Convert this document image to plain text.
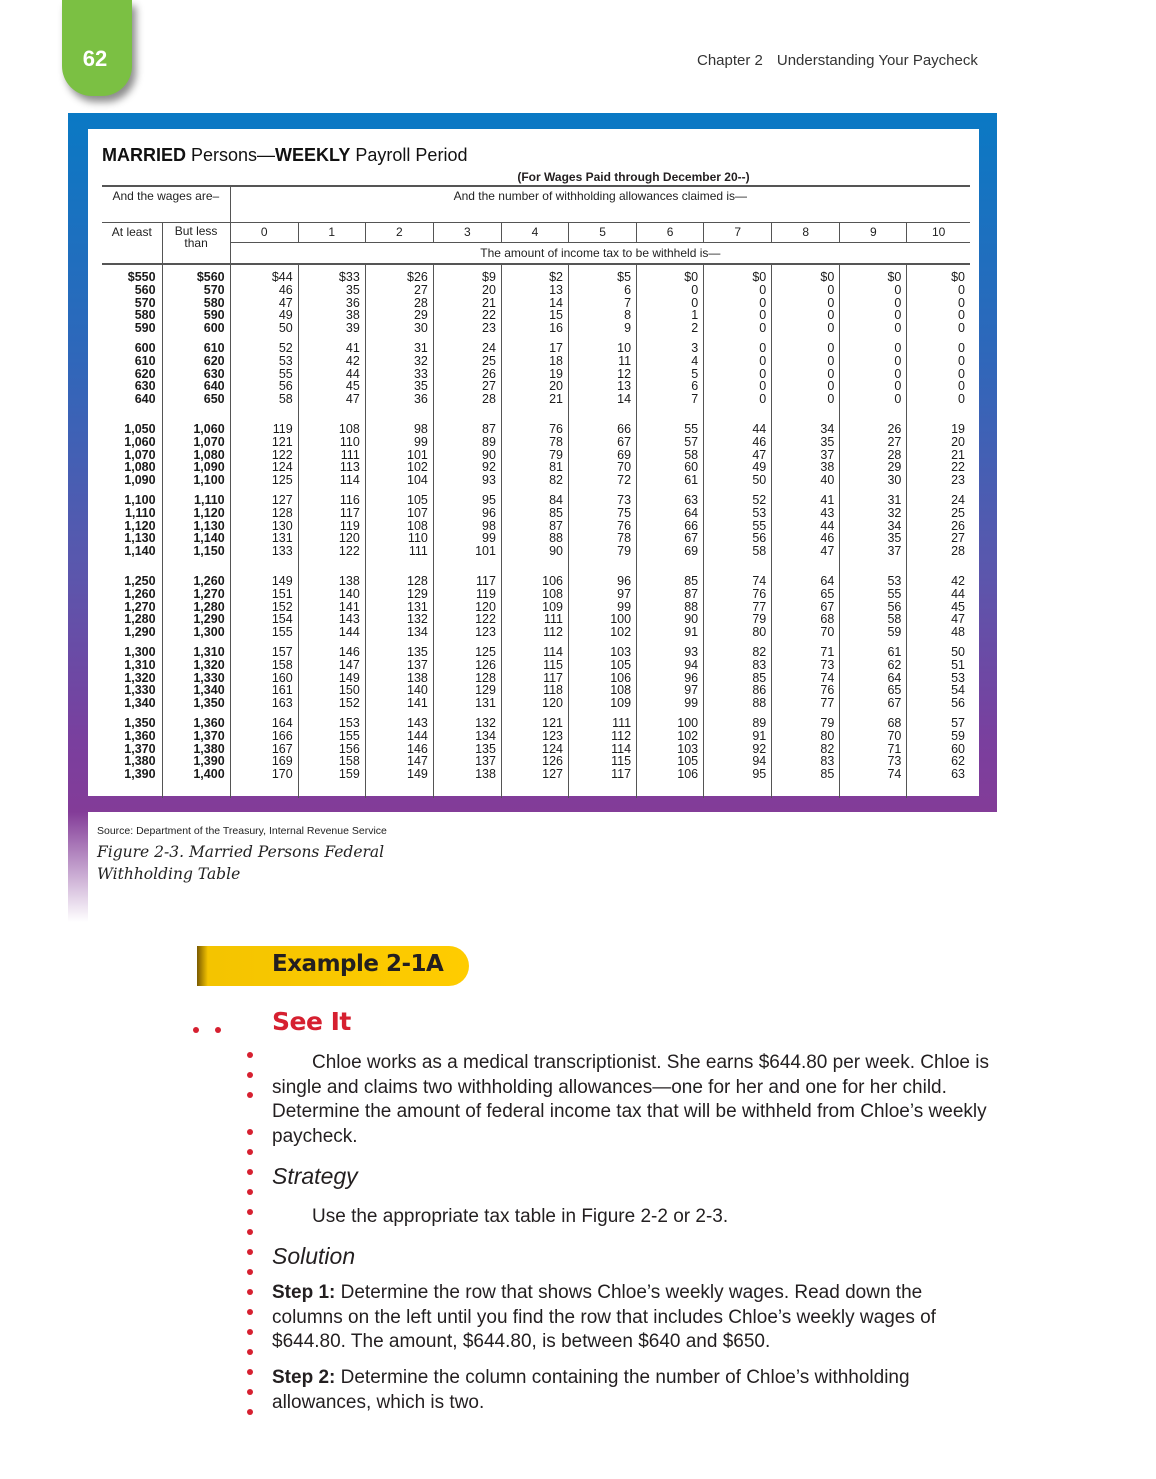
62	Chapter 2 Understanding Your Paycheck
MARRIED Persons—WEEKLY Payroll Period
(For Wages Paid through December 20--)
And the wages are–		And the number of withholding allowances claimed is—										
At least	But less than	0	1	2	3	4	5	6	7	8	9	10
		The amount of income tax to be withheld is—										
$550	$560	$44	$33	$26	$9	$2	$5	$0	$0	$0	$0	$0
560	570	46	35	27	20	13	6	0	0	0	0	0
570	580	47	36	28	21	14	7	0	0	0	0	0
580	590	49	38	29	22	15	8	1	0	0	0	0
590	600	50	39	30	23	16	9	2	0	0	0	0

600	610	52	41	31	24	17	10	3	0	0	0	0
610	620	53	42	32	25	18	11	4	0	0	0	0
620	630	55	44	33	26	19	12	5	0	0	0	0
630	640	56	45	35	27	20	13	6	0	0	0	0
640	650	58	47	36	28	21	14	7	0	0	0	0

1,050	1,060	119	108	98	87	76	66	55	44	34	26	19
1,060	1,070	121	110	99	89	78	67	57	46	35	27	20
1,070	1,080	122	111	101	90	79	69	58	47	37	28	21
1,080	1,090	124	113	102	92	81	70	60	49	38	29	22
1,090	1,100	125	114	104	93	82	72	61	50	40	30	23

1,100	1,110	127	116	105	95	84	73	63	52	41	31	24
1,110	1,120	128	117	107	96	85	75	64	53	43	32	25
1,120	1,130	130	119	108	98	87	76	66	55	44	34	26
1,130	1,140	131	120	110	99	88	78	67	56	46	35	27
1,140	1,150	133	122	111	101	90	79	69	58	47	37	28

1,250	1,260	149	138	128	117	106	96	85	74	64	53	42
1,260	1,270	151	140	129	119	108	97	87	76	65	55	44
1,270	1,280	152	141	131	120	109	99	88	77	67	56	45
1,280	1,290	154	143	132	122	111	100	90	79	68	58	47
1,290	1,300	155	144	134	123	112	102	91	80	70	59	48

1,300	1,310	157	146	135	125	114	103	93	82	71	61	50
1,310	1,320	158	147	137	126	115	105	94	83	73	62	51
1,320	1,330	160	149	138	128	117	106	96	85	74	64	53
1,330	1,340	161	150	140	129	118	108	97	86	76	65	54
1,340	1,350	163	152	141	131	120	109	99	88	77	67	56

1,350	1,360	164	153	143	132	121	111	100	89	79	68	57
1,360	1,370	166	155	144	134	123	112	102	91	80	70	59
1,370	1,380	167	156	146	135	124	114	103	92	82	71	60
1,380	1,390	169	158	147	137	126	115	105	94	83	73	62
1,390	1,400	170	159	149	138	127	117	106	95	85	74	63

Source: Department of the Treasury, Internal Revenue Service
Figure 2-3. Married Persons Federal Withholding Table
Example 2-1A
See It
Chloe works as a medical transcriptionist. She earns $644.80 per week. Chloe is single and claims two withholding allowances—one for her and one for her child. Determine the amount of federal income tax that will be withheld from Chloe’s weekly paycheck.
Strategy
Use the appropriate tax table in Figure 2-2 or 2-3.
Solution
Step 1: Determine the row that shows Chloe’s weekly wages. Read down the columns on the left until you find the row that includes Chloe’s weekly wages of $644.80. The amount, $644.80, is between $640 and $650.
Step 2: Determine the column containing the number of Chloe’s withholding allowances, which is two.
